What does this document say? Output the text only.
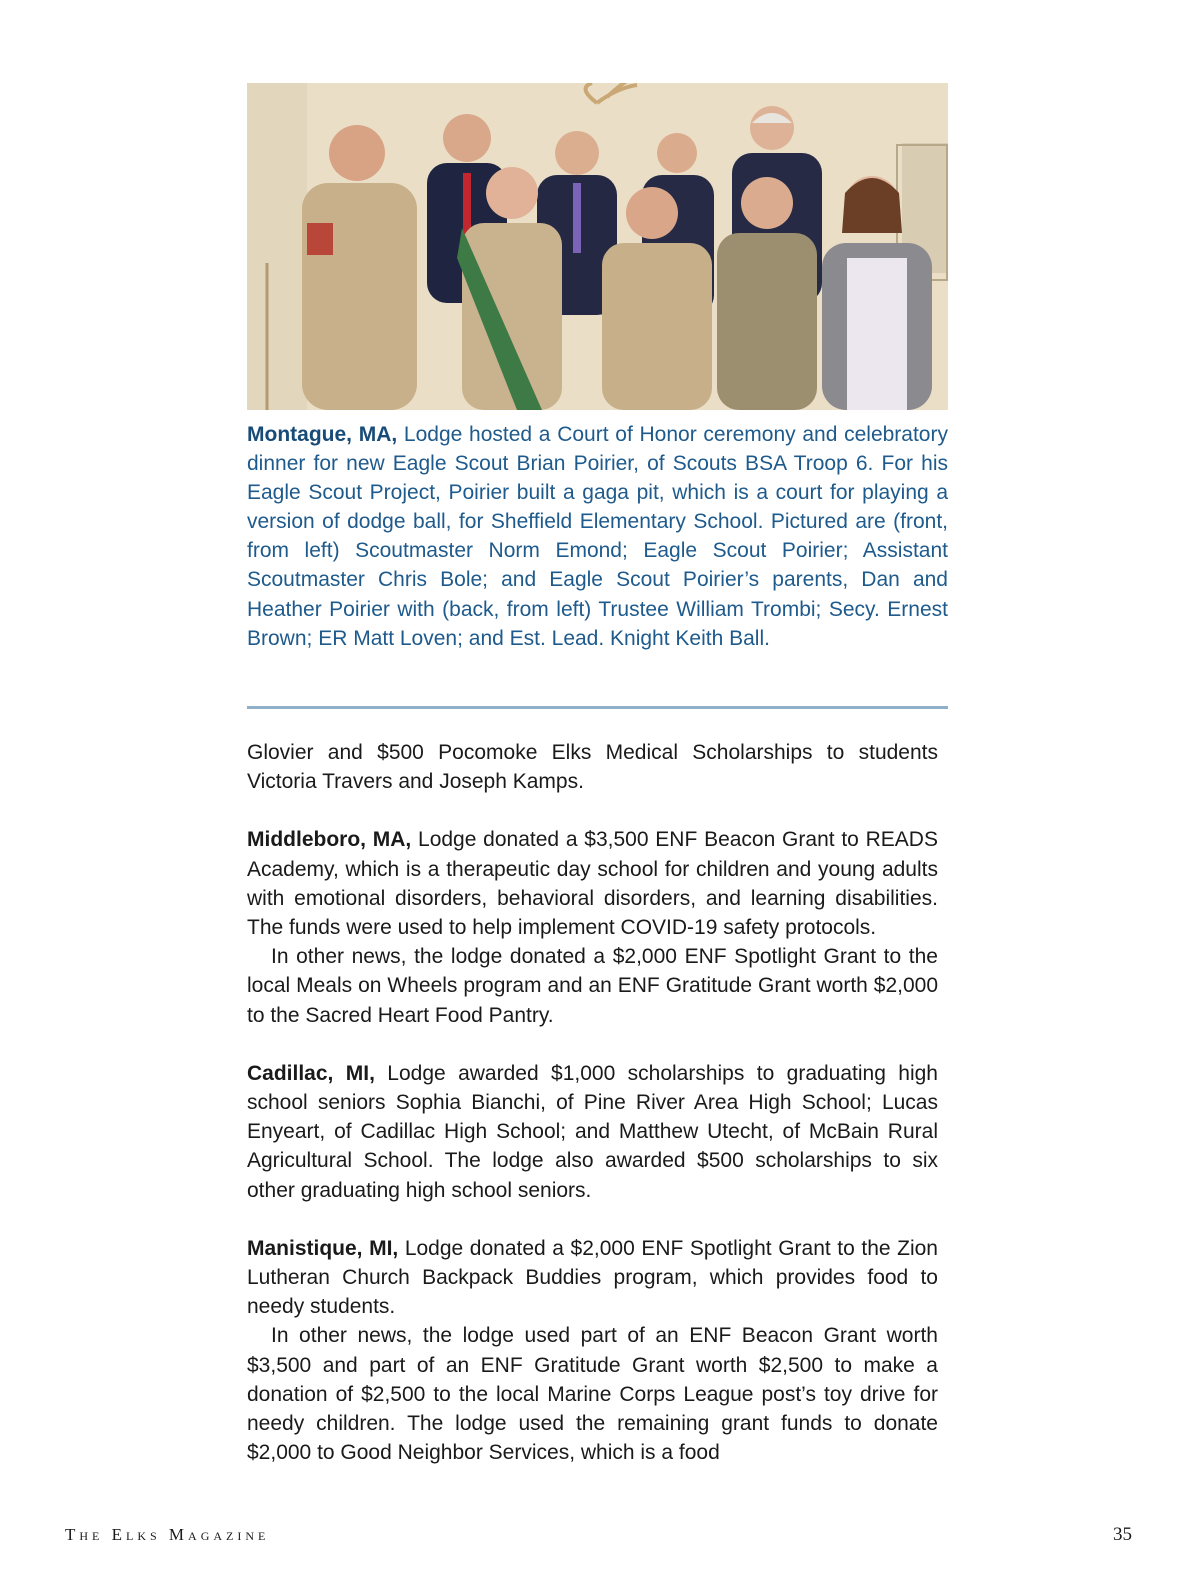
Montague, MA, Lodge hosted a Court of Honor ceremony and celebratory dinner for new Eagle Scout Brian Poirier, of Scouts BSA Troop 6. For his Eagle Scout Project, Poirier built a gaga pit, which is a court for playing a version of dodge ball, for Sheffield Elementary School. Pictured are (front, from left) Scoutmaster Norm Emond; Eagle Scout Poirier; Assistant Scoutmaster Chris Bole; and Eagle Scout Poirier’s parents, Dan and Heather Poirier with (back, from left) Trustee William Trombi; Secy. Ernest Brown; ER Matt Loven; and Est. Lead. Knight Keith Ball.

Glovier and $500 Pocomoke Elks Medical Scholarships to students Victoria Travers and Joseph Kamps.

Middleboro, MA, Lodge donated a $3,500 ENF Beacon Grant to READS Academy, which is a therapeutic day school for children and young adults with emotional disorders, behavioral disorders, and learning disabilities. The funds were used to help implement COVID-19 safety protocols.

In other news, the lodge donated a $2,000 ENF Spotlight Grant to the local Meals on Wheels program and an ENF Gratitude Grant worth $2,000 to the Sacred Heart Food Pantry.

Cadillac, MI, Lodge awarded $1,000 scholarships to graduating high school seniors Sophia Bianchi, of Pine River Area High School; Lucas Enyeart, of Cadillac High School; and Matthew Utecht, of McBain Rural Agricultural School. The lodge also awarded $500 scholarships to six other graduating high school seniors.

Manistique, MI, Lodge donated a $2,000 ENF Spotlight Grant to the Zion Lutheran Church Backpack Buddies program, which provides food to needy students.

In other news, the lodge used part of an ENF Beacon Grant worth $3,500 and part of an ENF Gratitude Grant worth $2,500 to make a donation of $2,500 to the local Marine Corps League post’s toy drive for needy children. The lodge used the remaining grant funds to donate $2,000 to Good Neighbor Services, which is a food

The Elks Magazine	35
